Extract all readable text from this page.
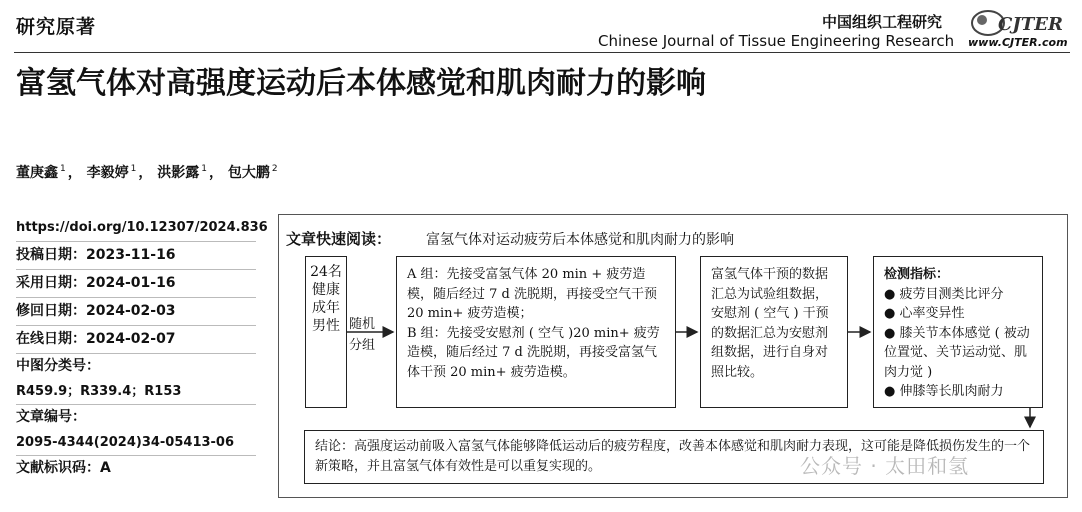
研究原著	中国组织工程研究
Chinese Journal of Tissue Engineering Research
CJTER
www.CJTER.com
富氢气体对高强度运动后本体感觉和肌肉耐力的影响
董庚鑫 $^1$ ， 李毅婷 $^1$ ， 洪影露 $^1$ ， 包大鹏 $^2$
https://doi.org/10.12307/2024.836
投稿日期：2023-11-16
采用日期：2024-01-16
修回日期：2024-02-03
在线日期：2024-02-07
中图分类号：
R459.9；R339.4；R153
文章编号：
2095-4344(2024)34-05413-06
文献标识码：A
文章快速阅读： 富氢气体对运动疲劳后本体感觉和肌肉耐力的影响
24名健康成年男性 随机
分组
A 组：先接受富氢气体 20 min + 疲劳造模，随后经过 7 d 洗脱期，再接受空气干预 20 min+ 疲劳造模；
B 组：先接受安慰剂 ( 空气 )20 min+ 疲劳造模，随后经过 7 d 洗脱期，再接受富氢气体干预 20 min+ 疲劳造模。
富氢气体干预的数据汇总为试验组数据，安慰剂 ( 空气 ) 干预的数据汇总为安慰剂组数据，进行自身对照比较。
检测指标：
● 疲劳目测类比评分
● 心率变异性
● 膝关节本体感觉 ( 被动位置觉、关节运动觉、肌肉力觉 )
● 伸膝等长肌肉耐力
结论：高强度运动前吸入富氢气体能够降低运动后的疲劳程度，改善本体感觉和肌肉耐力表现，这可能是降低损伤发生的一个新策略，并且富氢气体有效性是可以重复实现的。	公众号 · 太田和氢
